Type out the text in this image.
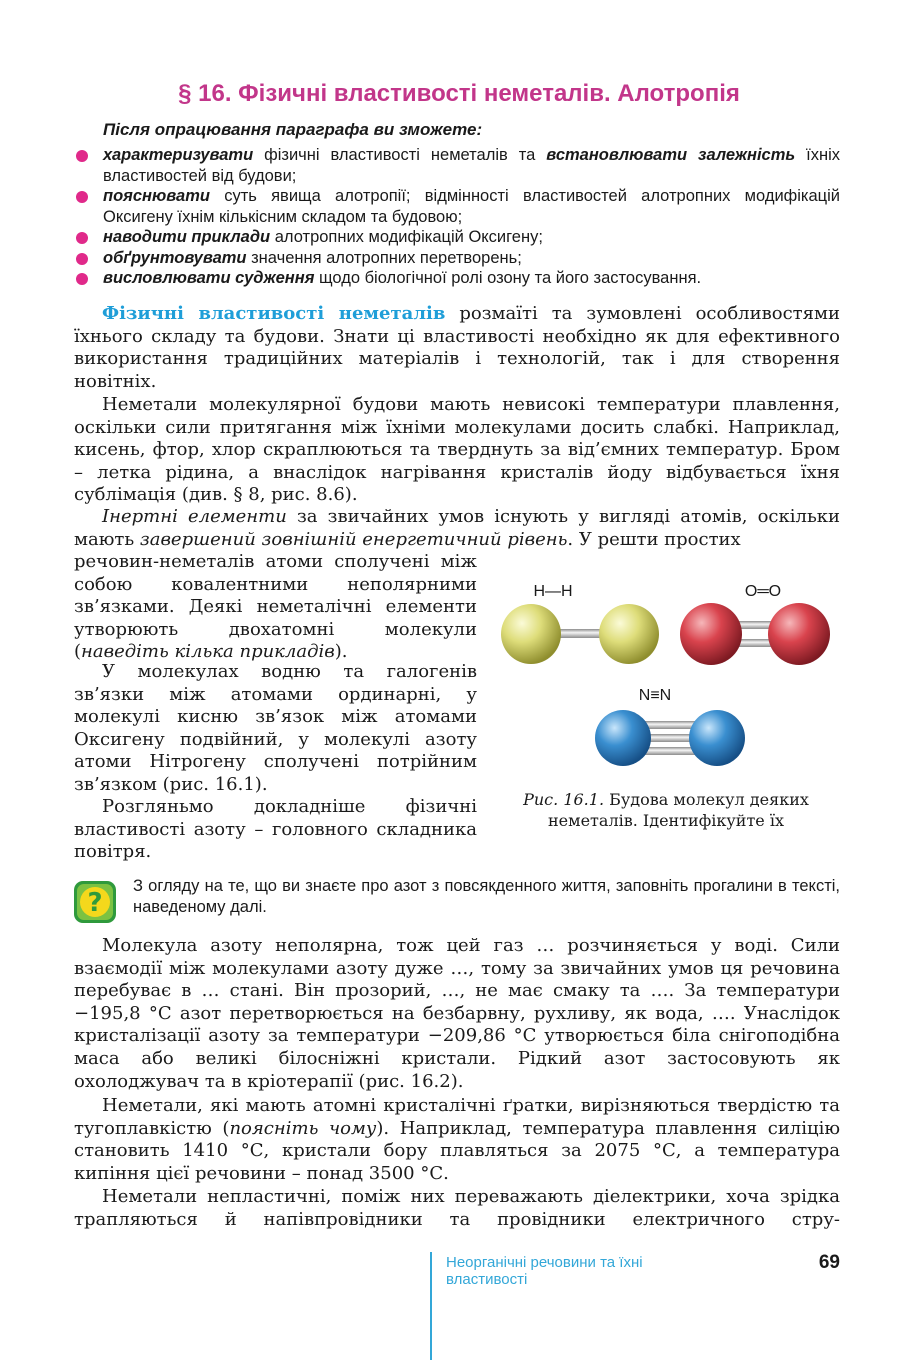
§ 16. Фізичні властивості неметалів. Алотропія
Після опрацювання параграфа ви зможете:
характеризувати фізичні властивості неметалів та встановлювати залежність їхніх властивостей від будови;
пояснювати суть явища алотропії; відмінності властивостей алотропних модифікацій Оксигену їхнім кількісним складом та будовою;
наводити приклади алотропних модифікацій Оксигену;
обґрунтовувати значення алотропних перетворень;
висловлювати судження щодо біологічної ролі озону та його застосування.

Фізичні властивості неметалів розмаїті та зумовлені особливостями їхнього складу та будови. Знати ці властивості необхідно як для ефективного використання традиційних матеріалів і технологій, так і для створення новітніх.

Неметали молекулярної будови мають невисокі температури плавлення, оскільки сили притягання між їхніми молекулами досить слабкі. Наприклад, кисень, фтор, хлор скраплюються та тверднуть за від’ємних температур. Бром – летка рідина, а внаслідок нагрівання кристалів йоду відбувається їхня сублімація (див. § 8, рис. 8.6).

Інертні елементи за звичайних умов існують у вигляді атомів, оскільки мають завершений зовнішній енергетичний рівень. У решти простих

речовин-неметалів атоми сполучені між собою ковалентними неполярними зв’язками. Деякі неметалічні елементи утворюють двохатомні молекули (наведіть кілька прикладів).

У молекулах водню та галогенів зв’язки між атомами ординарні, у молекулі кисню зв’язок між атомами Оксигену подвійний, у молекулі азоту атоми Нітрогену сполучені потрійним зв’язком (рис. 16.1).

Розгляньмо докладніше фізичні властивості азоту – головного складника повітря.

H—H	O═O
N≡N
Рис. 16.1. Будова молекул деяких неметалів. Ідентифікуйте їх
?
З огляду на те, що ви знаєте про азот з повсякденного життя, заповніть прогалини в тексті, наведеному далі.

Молекула азоту неполярна, тож цей газ … розчиняється у воді. Сили взаємодії між молекулами азоту дуже …, тому за звичайних умов ця речовина перебуває в … стані. Він прозорий, …, не має смаку та …. За температури −195,8 °С азот перетворюється на безбарвну, рухливу, як вода, …. Унаслідок кристалізації азоту за температури −209,86 °С утворюється біла снігоподібна маса або великі білосніжні кристали. Рідкий азот застосовують як охолоджувач та в кріотерапії (рис. 16.2).

Неметали, які мають атомні кристалічні ґратки, вирізняються твердістю та тугоплавкістю (поясніть чому). Наприклад, температура плавлення силіцію становить 1410 °С, кристали бору плавляться за 2075 °С, а температура кипіння цієї речовини – понад 3500 °С.

Неметали непластичні, поміж них переважають діелектрики, хоча зрідка трапляються й напівпровідники та провідники електричного стру-

Неорганічні речовини та їхні властивості
69
